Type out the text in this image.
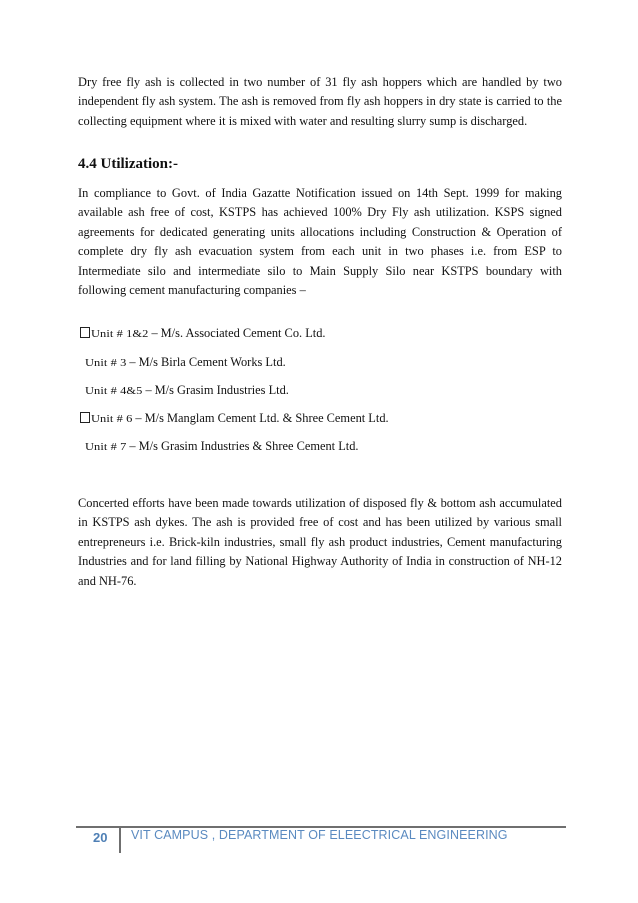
Dry free fly ash is collected in two number of 31 fly ash hoppers which are handled by two independent fly ash system. The ash is removed from fly ash hoppers in dry state is carried to the collecting equipment where it is mixed with water and resulting slurry sump is discharged.

4.4 Utilization:-

In compliance to Govt. of India Gazatte Notification issued on 14th Sept. 1999 for making available ash free of cost, KSTPS has achieved 100% Dry Fly ash utilization. KSPS signed agreements for dedicated generating units allocations including Construction & Operation of complete dry fly ash evacuation system from each unit in two phases i.e. from ESP to Intermediate silo and intermediate silo to Main Supply Silo near KSTPS boundary with following cement manufacturing companies –

Unit # 1&2 – M/s. Associated Cement Co. Ltd.
Unit # 3 – M/s Birla Cement Works Ltd.
Unit # 4&5 – M/s Grasim Industries Ltd.
Unit # 6 – M/s Manglam Cement Ltd. & Shree Cement Ltd.
Unit # 7 – M/s Grasim Industries & Shree Cement Ltd.

Concerted efforts have been made towards utilization of disposed fly & bottom ash accumulated in KSTPS ash dykes. The ash is provided free of cost and has been utilized by various small entrepreneurs i.e. Brick-kiln industries, small fly ash product industries, Cement manufacturing Industries and for land filling by National Highway Authority of India in construction of NH-12 and NH-76.

20 VIT CAMPUS , DEPARTMENT OF ELEECTRICAL ENGINEERING
